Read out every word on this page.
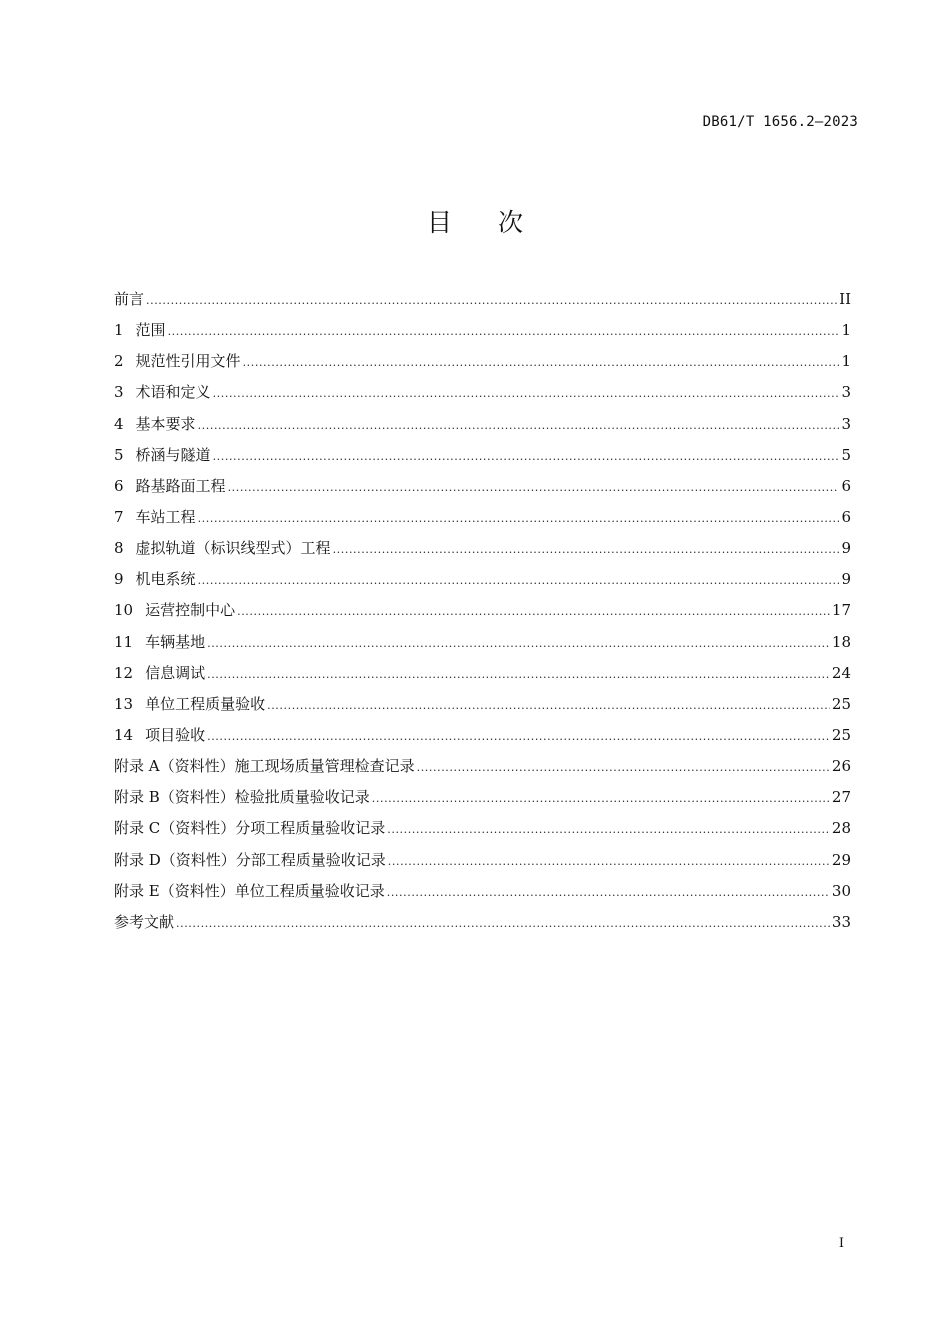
DB61/T 1656.2—2023
目次
前言 .....	II
1 范围 .....	1
2 规范性引用文件 .....	1
3 术语和定义 .....	3
4 基本要求 .....	3
5 桥涵与隧道 .....	5
6 路基路面工程 .....	6
7 车站工程 .....	6
8 虚拟轨道（标识线型式）工程 .....	9
9 机电系统 .....	9
10 运营控制中心 .....	17
11 车辆基地 .....	18
12 信息调试 .....	24
13 单位工程质量验收 .....	25
14 项目验收 .....	25
附录 A（资料性）施工现场质量管理检查记录 .....	26
附录 B（资料性）检验批质量验收记录 .....	27
附录 C（资料性）分项工程质量验收记录 .....	28
附录 D（资料性）分部工程质量验收记录 .....	29
附录 E（资料性）单位工程质量验收记录 .....	30
参考文献 .....	33
I
